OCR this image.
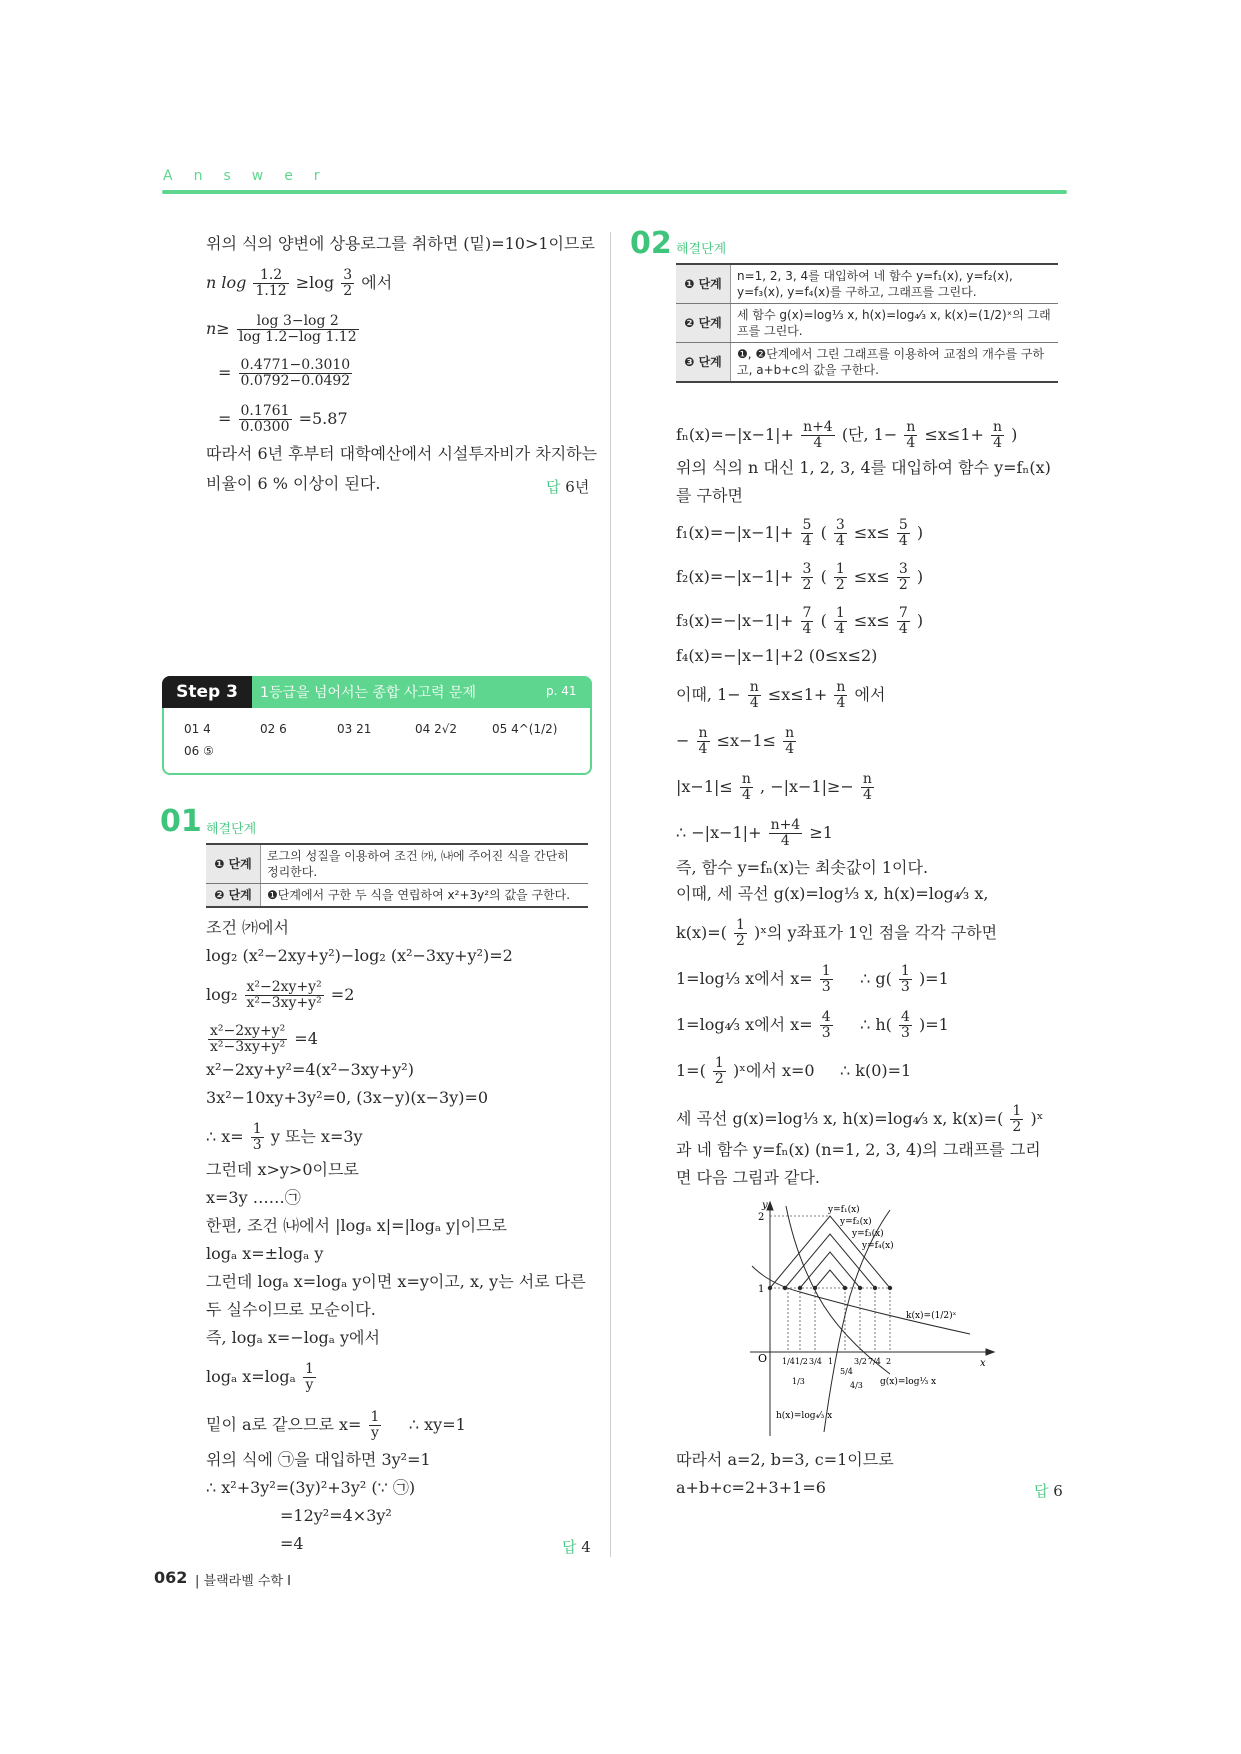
Answer
위의 식의 양변에 상용로그를 취하면 (밑)=10>1이므로
n $\log \frac{1.2}{1.12} \ge\log \frac{3}{2}$ 에서
$n\ge \frac{\log 3-\log 2}{\log 1.2-\log 1.12}$
= $\frac{0.4771-0.3010}{0.0792-0.0492}$
= $\frac{0.1761}{0.0300} =5.87$
따라서 6년 후부터 대학예산에서 시설투자비가 차지하는
비율이 6 % 이상이 된다.	답 6년
Step 3	1등급을 넘어서는 종합 사고력 문제	p. 41
01 4	02 6	03 21	04 2√2	05 4^(1/2)
06 ⑤
01 해결단계
❶ 단계	로그의 성질을 이용하여 조건 ㈎, ㈏에 주어진 식을 간단히 정리한다.
❷ 단계	❶단계에서 구한 두 식을 연립하여 x²+3y²의 값을 구한다.
조건 ㈎에서
log₂ (x²−2xy+y²)−log₂ (x²−3xy+y²)=2
$\log_2 \frac{\text{x²−2xy+y²}}{\text{x²−3xy+y²}} =2$
$\frac{\text{x²−2xy+y²}}{\text{x²−3xy+y²}} =4$
x²−2xy+y²=4(x²−3xy+y²)
3x²−10xy+3y²=0, (3x−y)(x−3y)=0
∴ $x= \frac{1}{3}$ y 또는 x=3y
그런데 x>y>0이므로
x=3y ……㉠
한편, 조건 ㈏에서 |logₐ x|=|logₐ y|이므로
logₐ x=±logₐ y
그런데 logₐ x=logₐ y이면 x=y이고, x, y는 서로 다른
두 실수이므로 모순이다.
즉, logₐ x=−logₐ y에서
logₐ $x=\log_a \frac{1}{y}$
밑이 a로 같으므로 $x= \frac{1}{y}$ ∴ xy=1
위의 식에 ㉠을 대입하면 3y²=1
∴ x²+3y²=(3y)²+3y² (∵ ㉠)
=12y²=4×3y²
=4	답 4
02 해결단계
❶ 단계	n=1, 2, 3, 4를 대입하여 네 함수 y=f₁(x), y=f₂(x), y=f₃(x), y=f₄(x)를 구하고, 그래프를 그린다.
❷ 단계	세 함수 g(x)=log⅓ x, h(x)=log₄⁄₃ x, k(x)=(1/2)ˣ의 그래프를 그린다.
❸ 단계	❶, ❷단계에서 그린 그래프를 이용하여 교점의 개수를 구하고, a+b+c의 값을 구한다.
$f_n(x)=-|x-1|+ \frac{n+4}{4}$ (단, $1- \frac{n}{4} \le x\le 1+ \frac{n}{4}$ )
위의 식의 n 대신 1, 2, 3, 4를 대입하여 함수 y=fₙ(x)
를 구하면
$f_1(x)=-|x-1|+ \frac{5}{4}$ ( $\frac{3}{4} \le x\le \frac{5}{4}$ )
$f_2(x)=-|x-1|+ \frac{3}{2}$ ( $\frac{1}{2} \le x\le \frac{3}{2}$ )
$f_3(x)=-|x-1|+ \frac{7}{4}$ ( $\frac{1}{4} \le x\le \frac{7}{4}$ )
f₄(x)=−|x−1|+2 (0≤x≤2)
이때, $1- \frac{n}{4} \le x\le 1+ \frac{n}{4}$ 에서
− $\frac{n}{4} \le x-1\le \frac{n}{4}$
$|x-1|\le \frac{n}{4}$ , $-|x-1|\ge- \frac{n}{4}$
∴ $-|x-1|+ \frac{n+4}{4} \ge 1$
즉, 함수 y=fₙ(x)는 최솟값이 1이다.
이때, 세 곡선 g(x)=log⅓ x, h(x)=log₄⁄₃ x,
$k(x)=( \frac{1}{2}$ )ˣ의 y좌표가 1인 점을 각각 구하면
1=log⅓ x에서 $x= \frac{1}{3}$ ∴ $g( \frac{1}{3} )=1$
1=log₄⁄₃ x에서 $x= \frac{4}{3}$ ∴ $h( \frac{4}{3} )=1$
$1=( \frac{1}{2}$ )ˣ에서 x=0 ∴ k(0)=1
세 곡선 g(x)=log⅓ x, h(x)=log₄⁄₃ x, $k(x)=( \frac{1}{2}$ )ˣ
과 네 함수 y=fₙ(x) (n=1, 2, 3, 4)의 그래프를 그리
면 다음 그림과 같다.
y
x
O
2
1
y=f₁(x)
y=f₂(x)
y=f₃(x)
y=f₄(x)
k(x)=(1/2)ˣ
g(x)=log⅓ x
h(x)=log₄⁄₃ x
1/4 1/2 3/4 1
5/4
3/2 7/4 2
1/3	4/3
따라서 a=2, b=3, c=1이므로
a+b+c=2+3+1=6	답 6
062 | 블랙라벨 수학 I
